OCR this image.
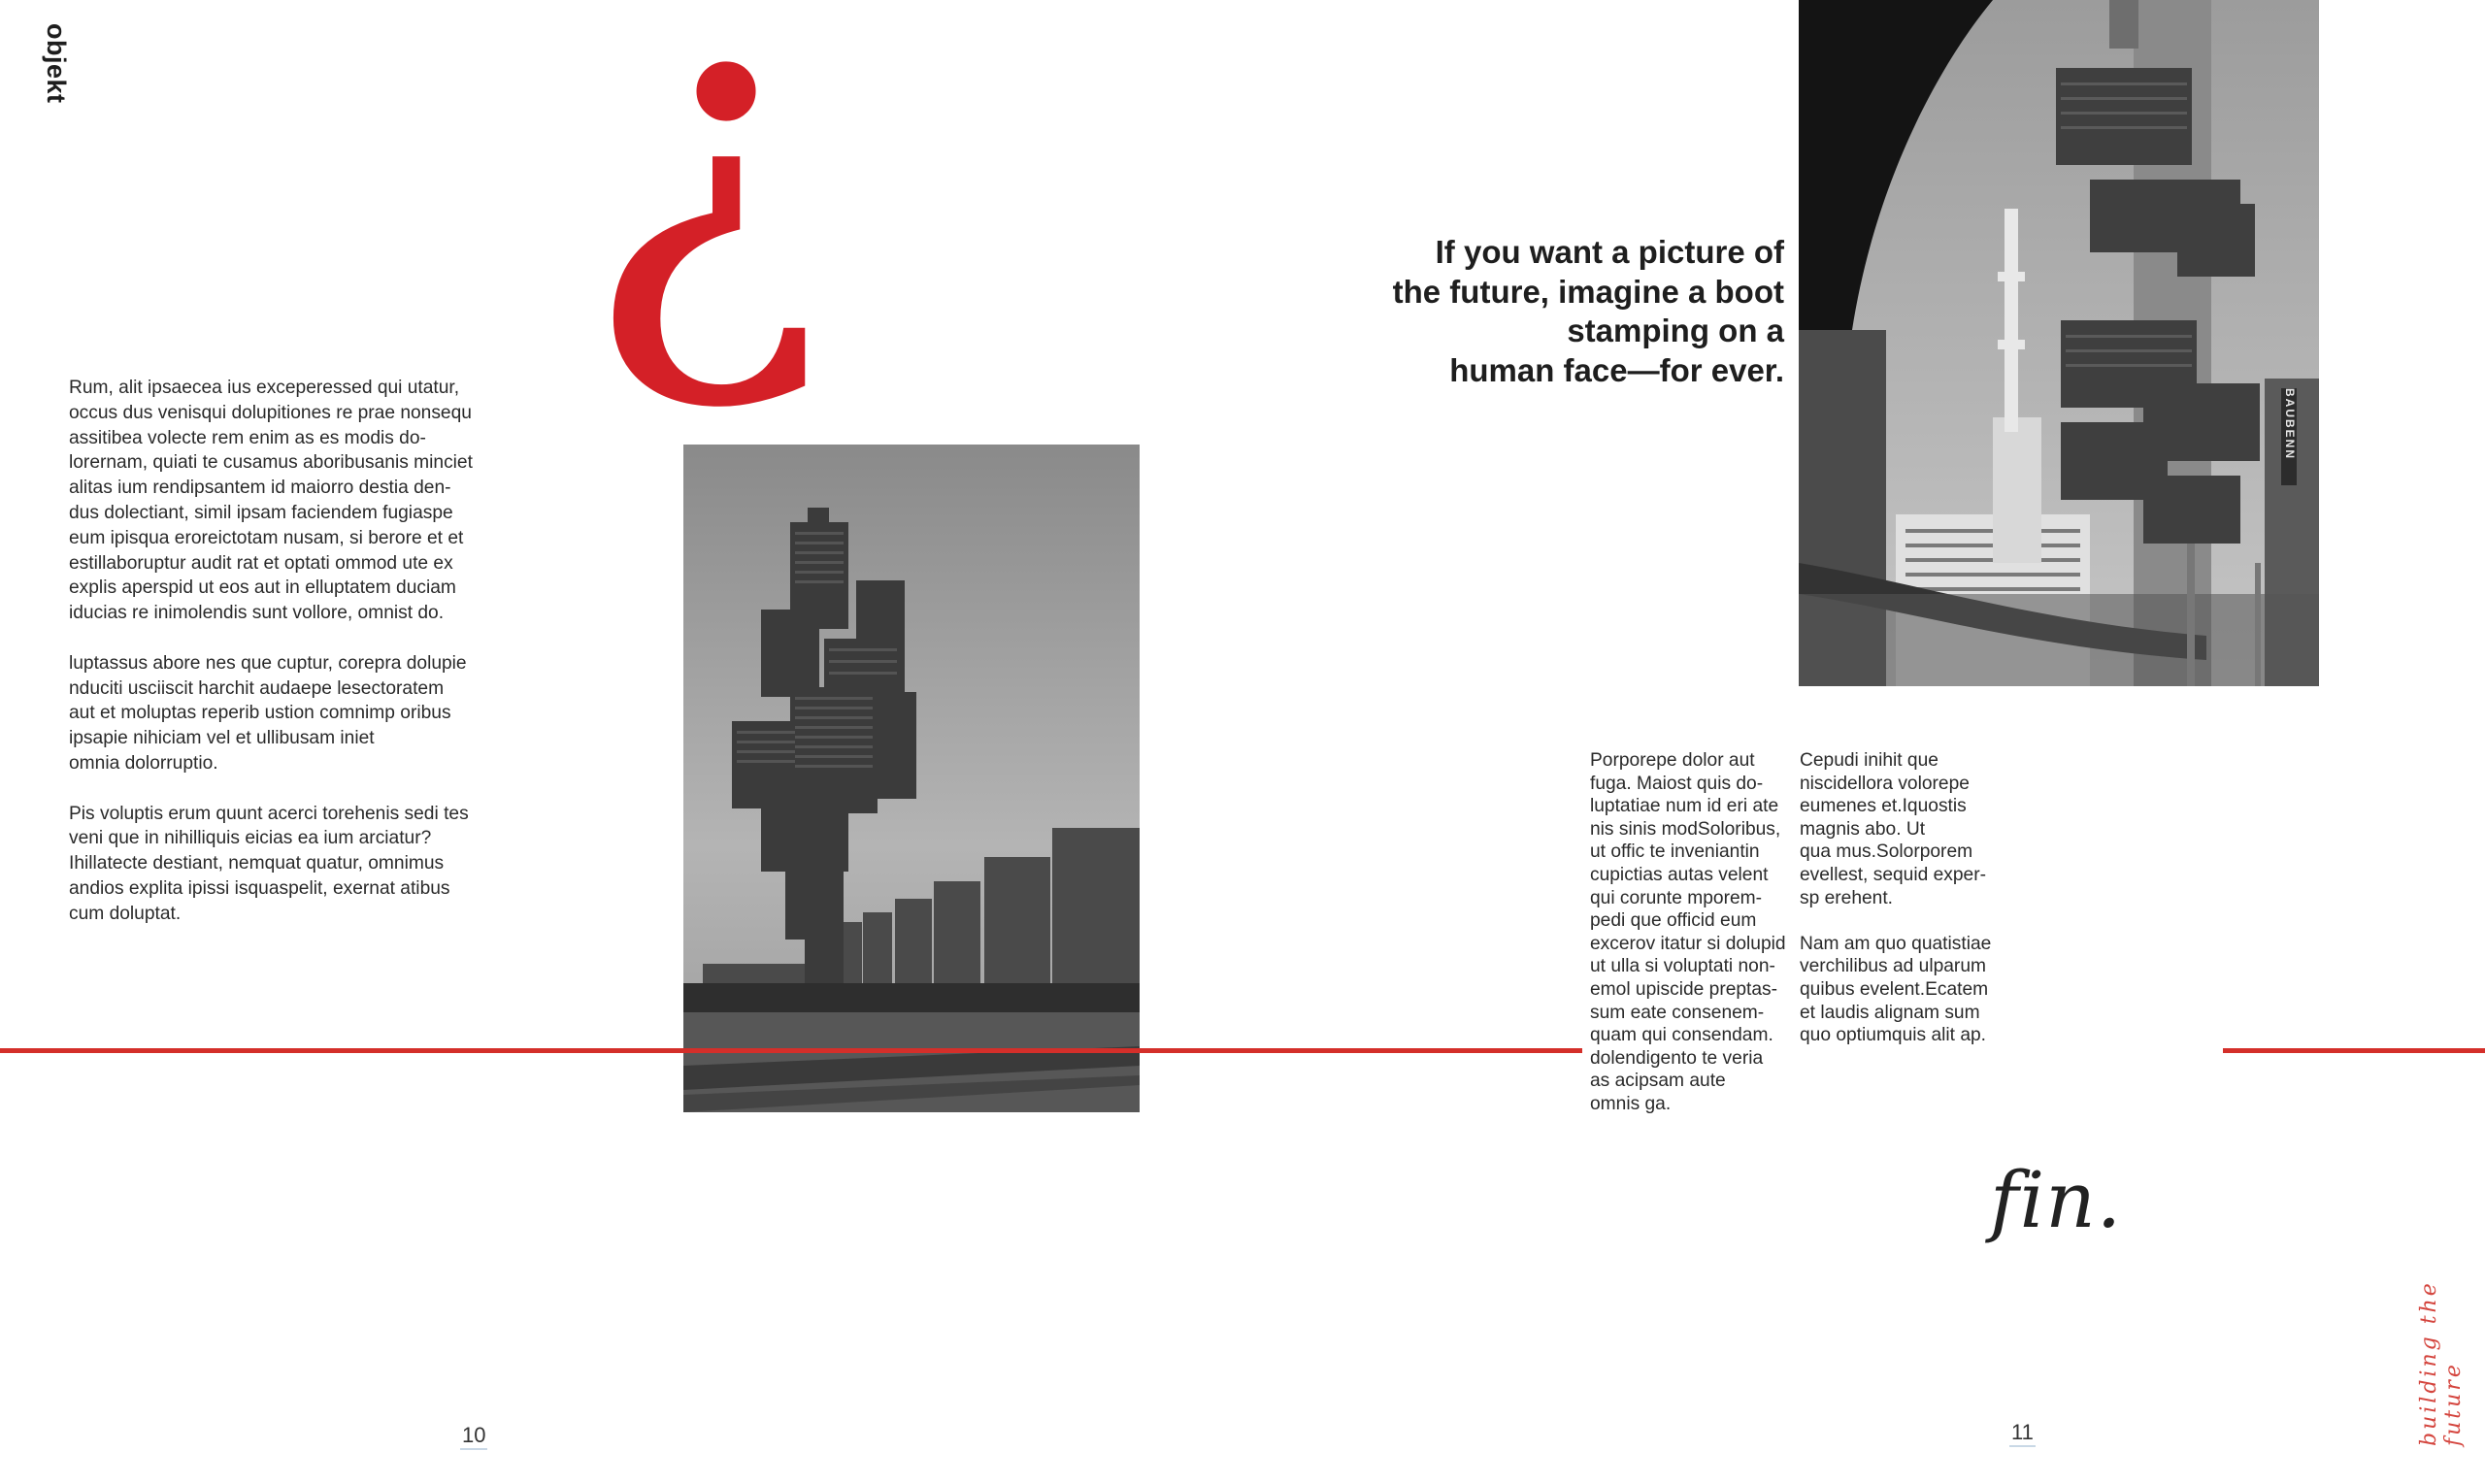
objekt ¿

Rum, alit ipsaecea ius exceperessed qui utatur,
occus dus venisqui dolupitiones re prae nonsequ
assitibea volecte rem enim as es modis do-
lorernam, quiati te cusamus aboribusanis minciet
alitas ium rendipsantem id maiorro destia den-
dus dolectiant, simil ipsam faciendem fugiaspe
eum ipisqua eroreictotam nusam, si berore et et
estillaboruptur audit rat et optati ommod ute ex
explis aperspid ut eos aut in elluptatem duciam
iducias re inimolendis sunt vollore, omnist do.

luptassus abore nes que cuptur, corepra dolupie
nduciti usciiscit harchit audaepe lesectoratem
aut et moluptas reperib ustion comnimp oribus
ipsapie nihiciam vel et ullibusam iniet
omnia dolorruptio.

Pis voluptis erum quunt acerci torehenis sedi tes
veni que in nihilliquis eicias ea ium arciatur?
Ihillatecte destiant, nemquat quatur, omnimus
andios explita ipissi isquaspelit, exernat atibus
cum doluptat.

If you want a picture of
the future, imagine a boot
stamping on a
human face—for ever.
BAUBENN
Porporepe dolor aut
fuga. Maiost quis do-
luptatiae num id eri ate
nis sinis modSoloribus,
ut offic te inveniantin
cupictias autas velent
qui corunte mporem-
pedi que officid eum
excerov itatur si dolupid
ut ulla si voluptati non-
emol upiscide preptas-
sum eate consenem-
quam qui consendam.
dolendigento te veria
as acipsam aute
omnis ga.

Cepudi inihit que
niscidellora volorepe
eumenes et.Iquostis
magnis abo. Ut
qua mus.Solorporem
evellest, sequid exper-
sp erehent.

Nam am quo quatistiae
verchilibus ad ulparum
quibus evelent.Ecatem
et laudis alignam sum
quo optiumquis alit ap.

fin.
10	11	building the future
